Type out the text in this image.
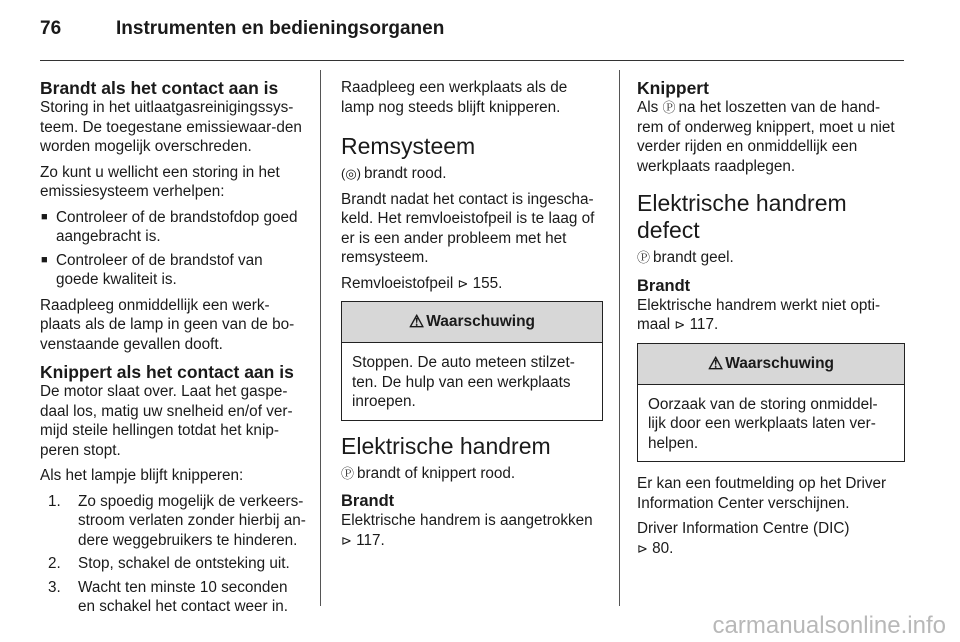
76	Instrumenten en bedieningsorganen
Brandt als het contact aan is

Storing in het uitlaatgasreinigingssys-teem. De toegestane emissiewaar-den worden mogelijk overschreden.

Zo kunt u wellicht een storing in het emissiesysteem verhelpen:

■ Controleer of de brandstofdop goed aangebracht is.
■ Controleer of de brandstof van goede kwaliteit is.

Raadpleeg onmiddellijk een werk-plaats als de lamp in geen van de bo-venstaande gevallen dooft.

Knippert als het contact aan is

De motor slaat over. Laat het gaspe-daal los, matig uw snelheid en/of ver-mijd steile hellingen totdat het knip-peren stopt.

Als het lampje blijft knipperen:

1. Zo spoedig mogelijk de verkeers-stroom verlaten zonder hierbij an-dere weggebruikers te hinderen.
2. Stop, schakel de ontsteking uit.
3. Wacht ten minste 10 seconden en schakel het contact weer in.

Raadpleeg een werkplaats als de lamp nog steeds blijft knipperen.

Remsysteem

(◎) brandt rood.

Brandt nadat het contact is ingescha-keld. Het remvloeistofpeil is te laag of er is een ander probleem met het remsysteem.

Remvloeistofpeil ⊳ 155.

⚠ Waarschuwing
Stoppen. De auto meteen stilzet-ten. De hulp van een werkplaats inroepen.
Elektrische handrem

Ⓟ brandt of knippert rood.

Brandt

Elektrische handrem is aangetrokken
⊳ 117.

Knippert

Als Ⓟ na het loszetten van de hand-rem of onderweg knippert, moet u niet verder rijden en onmiddellijk een werkplaats raadplegen.

Elektrische handrem defect

Ⓟ brandt geel.

Brandt

Elektrische handrem werkt niet opti-maal ⊳ 117.

⚠ Waarschuwing
Oorzaak van de storing onmiddel-lijk door een werkplaats laten ver-helpen.

Er kan een foutmelding op het Driver Information Center verschijnen.

Driver Information Centre (DIC)
⊳ 80.

carmanualsonline.info
